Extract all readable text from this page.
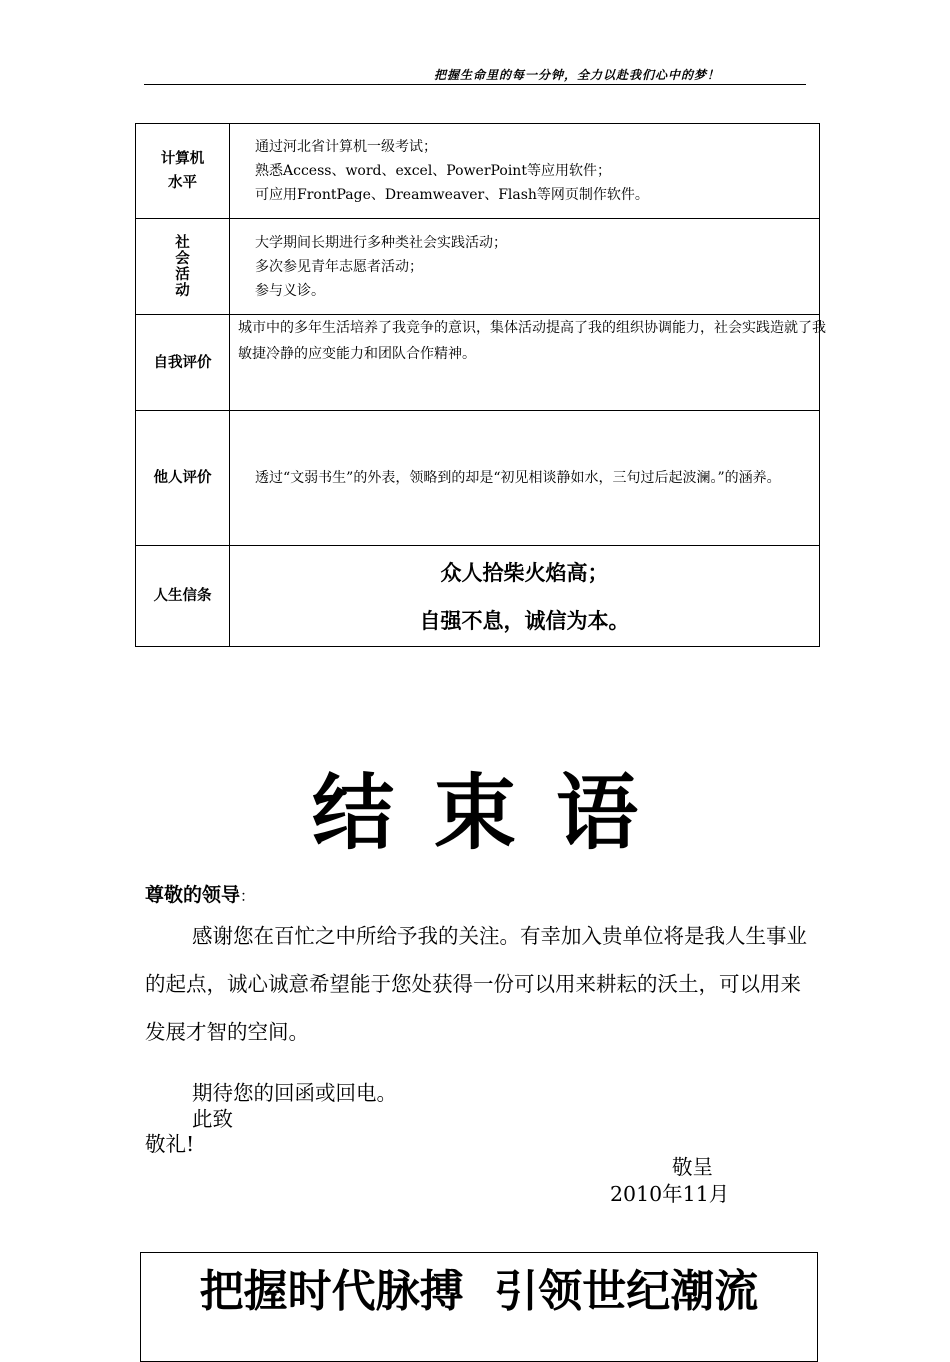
把握生命里的每一分钟，全力以赴我们心中的梦！
计算机
水平	通过河北省计算机一级考试；
熟悉Access、word、excel、PowerPoint等应用软件；
可应用FrontPage、Dreamweaver、Flash等网页制作软件。

社
会
活
动	大学期间长期进行多种类社会实践活动；
多次参见青年志愿者活动；
参与义诊。

自我评价	城市中的多年生活培养了我竞争的意识，集体活动提高了我的组织协调能力，社会实践造就了我敏捷冷静的应变能力和团队合作精神。

他人评价	透过“文弱书生”的外表，领略到的却是“初见相谈静如水，三句过后起波澜。”的涵养。

人生信条	众人拾柴火焰高；
自强不息，诚信为本。
结束语
尊敬的领导：
感谢您在百忙之中所给予我的关注。有幸加入贵单位将是我人生事业的起点，诚心诚意希望能于您处获得一份可以用来耕耘的沃土，可以用来发展才智的空间。
期待您的回函或回电。
此致
敬礼!
敬呈
2010年11月
把握时代脉搏  引领世纪潮流
